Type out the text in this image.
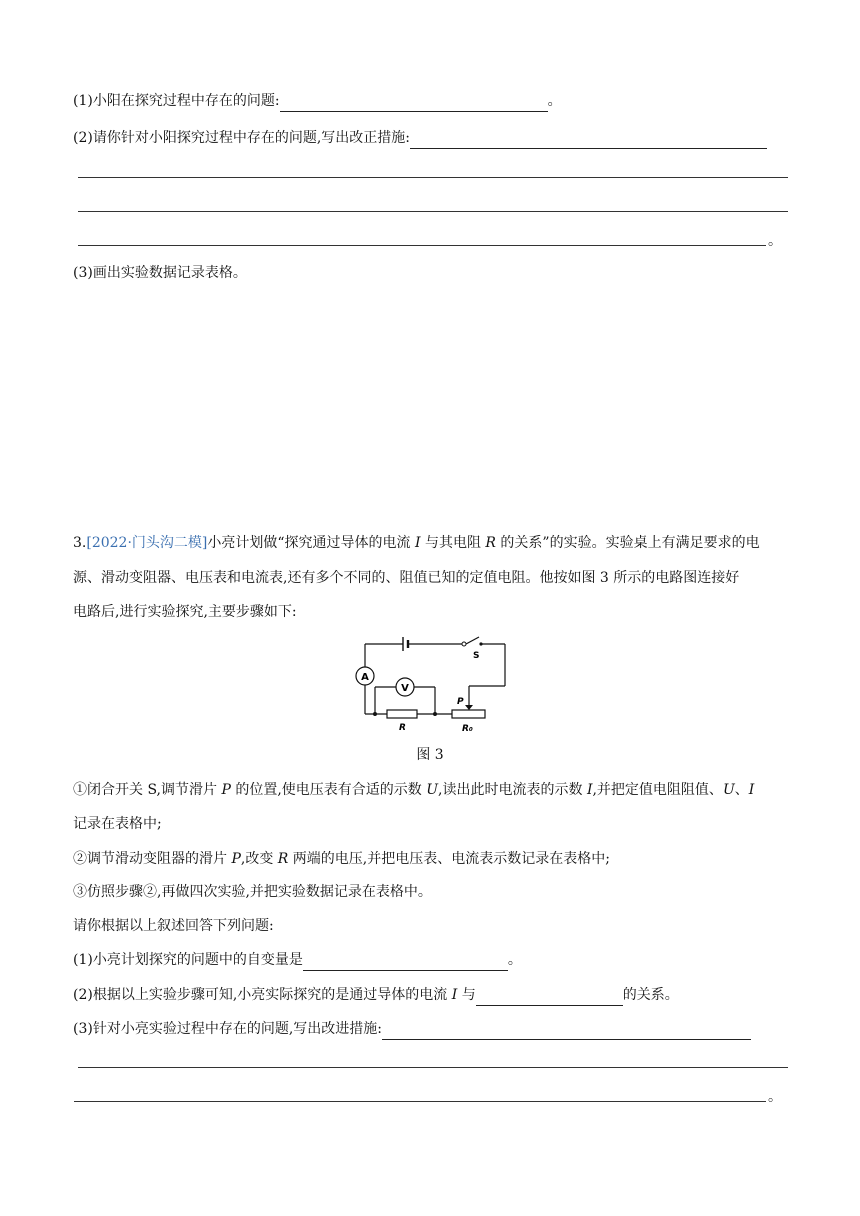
(1)小阳在探究过程中存在的问题:	。
(2)请你针对小阳探究过程中存在的问题,写出改正措施:
。
(3)画出实验数据记录表格。
3.[2022·门头沟二模]小亮计划做“探究通过导体的电流 I 与其电阻 R 的关系”的实验。实验桌上有满足要求的电
源、滑动变阻器、电压表和电流表,还有多个不同的、阻值已知的定值电阻。他按如图 3 所示的电路图连接好
电路后,进行实验探究,主要步骤如下:
A
V
S
R
P
R₀
图 3
①闭合开关 S,调节滑片 P 的位置,使电压表有合适的示数 U,读出此时电流表的示数 I,并把定值电阻阻值、U、I
记录在表格中;
②调节滑动变阻器的滑片 P,改变 R 两端的电压,并把电压表、电流表示数记录在表格中;
③仿照步骤②,再做四次实验,并把实验数据记录在表格中。
请你根据以上叙述回答下列问题:
(1)小亮计划探究的问题中的自变量是	。
(2)根据以上实验步骤可知,小亮实际探究的是通过导体的电流 I 与	的关系。
(3)针对小亮实验过程中存在的问题,写出改进措施:
。
